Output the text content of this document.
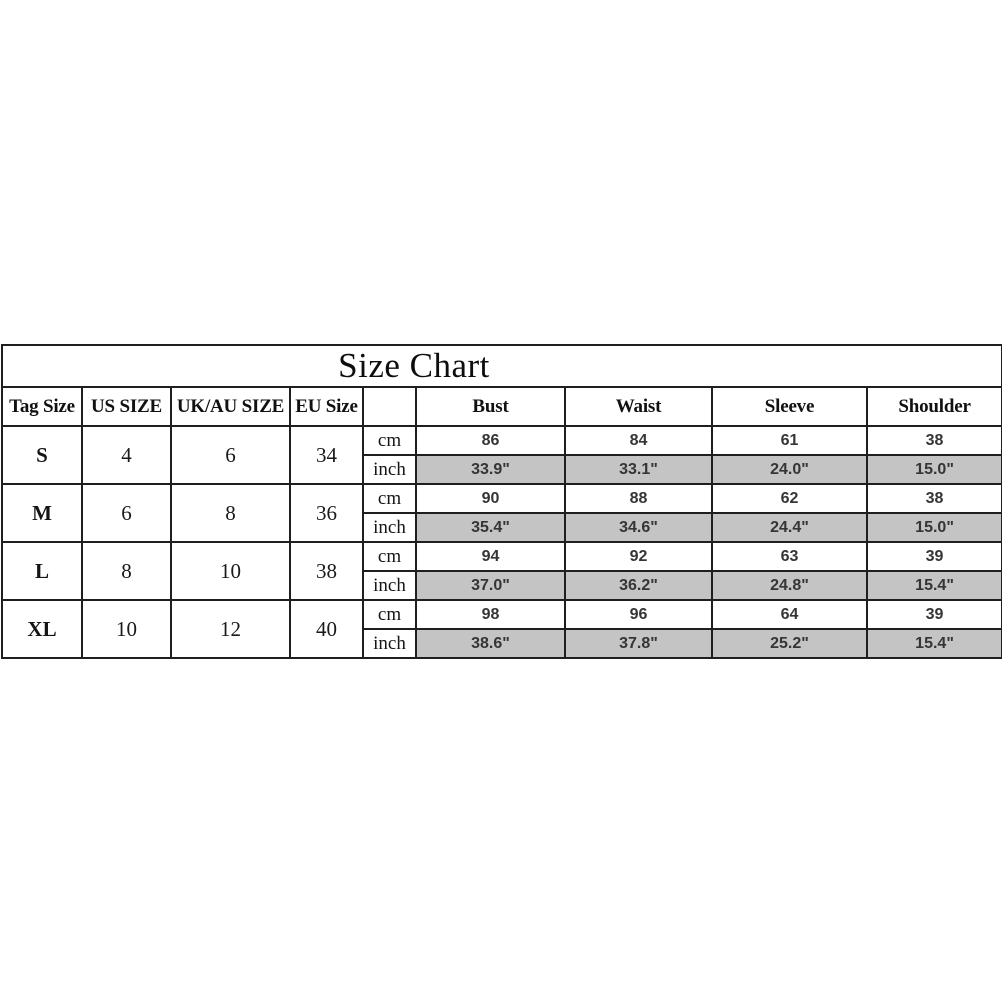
Size Chart								
Tag Size	US SIZE	UK/AU SIZE	EU Size		Bust	Waist	Sleeve	Shoulder
S	4	6	34	cm	86	84	61	38
				inch	33.9"	33.1"	24.0"	15.0"
M	6	8	36	cm	90	88	62	38
				inch	35.4"	34.6"	24.4"	15.0"
L	8	10	38	cm	94	92	63	39
				inch	37.0"	36.2"	24.8"	15.4"
XL	10	12	40	cm	98	96	64	39
				inch	38.6"	37.8"	25.2"	15.4"
